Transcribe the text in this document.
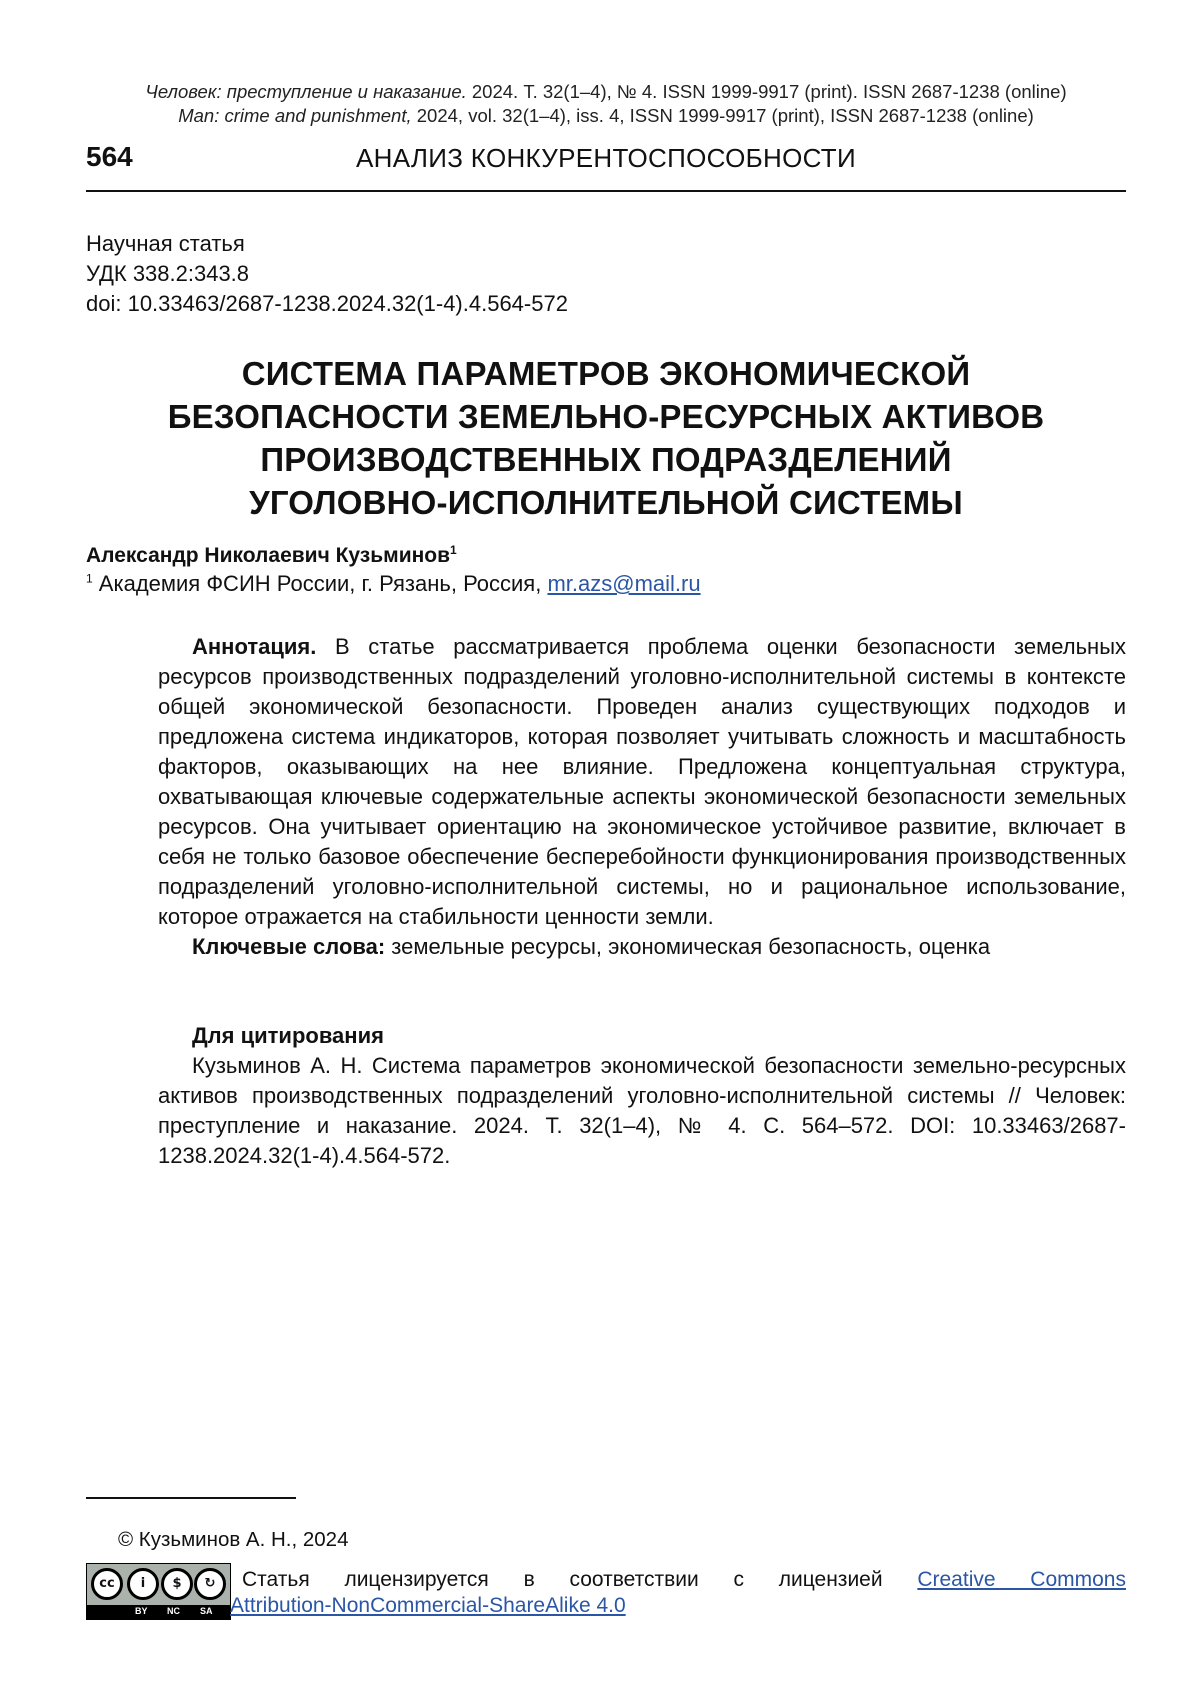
Человек: преступление и наказание. 2024. Т. 32(1–4), № 4. ISSN 1999-9917 (print). ISSN 2687-1238 (online)
Man: crime and punishment, 2024, vol. 32(1–4), iss. 4, ISSN 1999-9917 (print), ISSN 2687-1238 (online)
564	АНАЛИЗ КОНКУРЕНТОСПОСОБНОСТИ
Научная статья
УДК 338.2:343.8
doi: 10.33463/2687-1238.2024.32(1-4).4.564-572
СИСТЕМА ПАРАМЕТРОВ ЭКОНОМИЧЕСКОЙ
БЕЗОПАСНОСТИ ЗЕМЕЛЬНО-РЕСУРСНЫХ АКТИВОВ
ПРОИЗВОДСТВЕННЫХ ПОДРАЗДЕЛЕНИЙ
УГОЛОВНО-ИСПОЛНИТЕЛЬНОЙ СИСТЕМЫ
Александр Николаевич Кузьминов$^1$
$^1$ Академия ФСИН России, г. Рязань, Россия, mr.azs@mail.ru

Аннотация. В статье рассматривается проблема оценки безопасности земельных ресурсов производственных подразделений уголовно-исполнительной системы в контексте общей экономической безопасности. Проведен анализ существующих подходов и предложена система индикаторов, которая позволяет учитывать сложность и масштабность факторов, оказывающих на нее влияние. Предложена концептуальная структура, охватывающая ключевые содержательные аспекты экономической безопасности земельных ресурсов. Она учитывает ориентацию на экономическое устойчивое развитие, включает в себя не только базовое обеспечение бесперебойности функционирования производственных подразделений уголовно-исполнительной системы, но и рациональное использование, которое отражается на стабильности ценности земли.

Ключевые слова: земельные ресурсы, экономическая безопасность, оценка

Для цитирования

Кузьминов А. Н. Система параметров экономической безопасности земельно-ресурсных активов производственных подразделений уголовно-исполнительной системы // Человек: преступление и наказание. 2024. Т. 32(1–4), № 4. С. 564–572. DOI: 10.33463/2687-1238.2024.32(1-4).4.564-572.

© Кузьминов А. Н., 2024
cc	i	$	↻
BY NC SA
Статья лицензируется в соответствии с лицензией Creative Commons
Attribution-NonCommercial-ShareAlike 4.0
